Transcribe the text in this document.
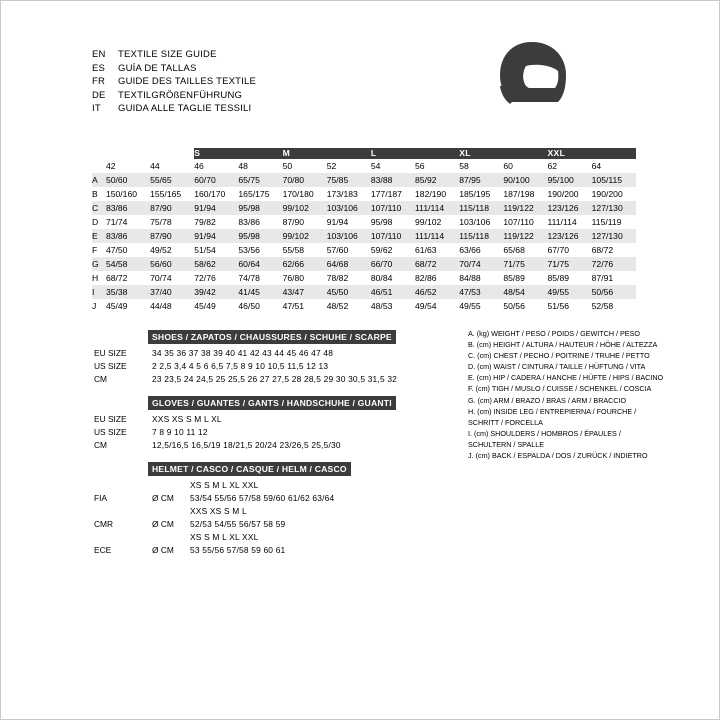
EN	TEXTILE SIZE GUIDE
ES	GUÍA DE TALLAS
FR	GUIDE DES TAILLES TEXTILE
DE	TEXTILGRÖßENFÜHRUNG
IT	GUIDA ALLE TAGLIE TESSILI
			S		M		L		XL		XXL		
	42	44	46	48	50	52	54	56	58	60	62	64	
A	50/60	55/65	60/70	65/75	70/80	75/85	83/88	85/92	87/95	90/100	95/100	105/115	
B	150/160	155/165	160/170	165/175	170/180	173/183	177/187	182/190	185/195	187/198	190/200	190/200	
C	83/86	87/90	91/94	95/98	99/102	103/106	107/110	111/114	115/118	119/122	123/126	127/130	
D	71/74	75/78	79/82	83/86	87/90	91/94	95/98	99/102	103/106	107/110	111/114	115/119	
E	83/86	87/90	91/94	95/98	99/102	103/106	107/110	111/114	115/118	119/122	123/126	127/130	
F	47/50	49/52	51/54	53/56	55/58	57/60	59/62	61/63	63/66	65/68	67/70	68/72	
G	54/58	56/60	58/62	60/64	62/66	64/68	66/70	68/72	70/74	71/75	71/75	72/76	
H	68/72	70/74	72/76	74/78	76/80	78/82	80/84	82/86	84/88	85/89	85/89	87/91	
I	35/38	37/40	39/42	41/45	43/47	45/50	46/51	46/52	47/53	48/54	49/55	50/56	
J	45/49	44/48	45/49	46/50	47/51	48/52	48/53	49/54	49/55	50/56	51/56	52/58	
SHOES / ZAPATOS / CHAUSSURES / SCHUHE / SCARPE
EU SIZE	34 35 36 37 38 39 40 41 42 43 44 45 46 47 48
US SIZE	2 2,5 3,4 4 5 6 6,5 7,5 8 9 10 10,5 11,5 12 13
CM	23 23,5 24 24,5 25 25,5 26 27 27,5 28 28,5 29 30 30,5 31,5 32
GLOVES / GUANTES / GANTS / HANDSCHUHE / GUANTI
EU SIZE	XXS XS S M L XL
US SIZE	7 8 9 10 11 12
CM	12,5/16,5 16,5/19 18/21,5 20/24 23/26,5 25,5/30
HELMET / CASCO / CASQUE / HELM / CASCO
		XS S M L XL XXL
FIA	Ø CM	53/54 55/56 57/58 59/60 61/62 63/64
		XXS XS S M L
CMR	Ø CM	52/53 54/55 56/57 58 59
		XS S M L XL XXL
ECE	Ø CM	53 55/56 57/58 59 60 61
A. (kg) WEIGHT / PESO / POIDS / GEWITCH / PESO
B. (cm) HEIGHT / ALTURA / HAUTEUR / HÖHE / ALTEZZA
C. (cm) CHEST / PECHO / POITRINE / TRUHE / PETTO
D. (cm) WAIST / CINTURA / TAILLE / HÜFTUNG / VITA
E. (cm) HIP / CADERA / HANCHE / HÜFTE / HIPS / BACINO
F. (cm) TIGH / MUSLO / CUISSE / SCHENKEL / COSCIA
G. (cm) ARM / BRAZO / BRAS / ARM / BRACCIO
H. (cm) INSIDE LEG / ENTREPIERNA / FOURCHE /
SCHRITT / FORCELLA
I. (cm) SHOULDERS / HOMBROS / ÉPAULES /
SCHULTERN / SPALLE
J. (cm) BACK / ESPALDA / DOS / ZURÜCK / INDIETRO
